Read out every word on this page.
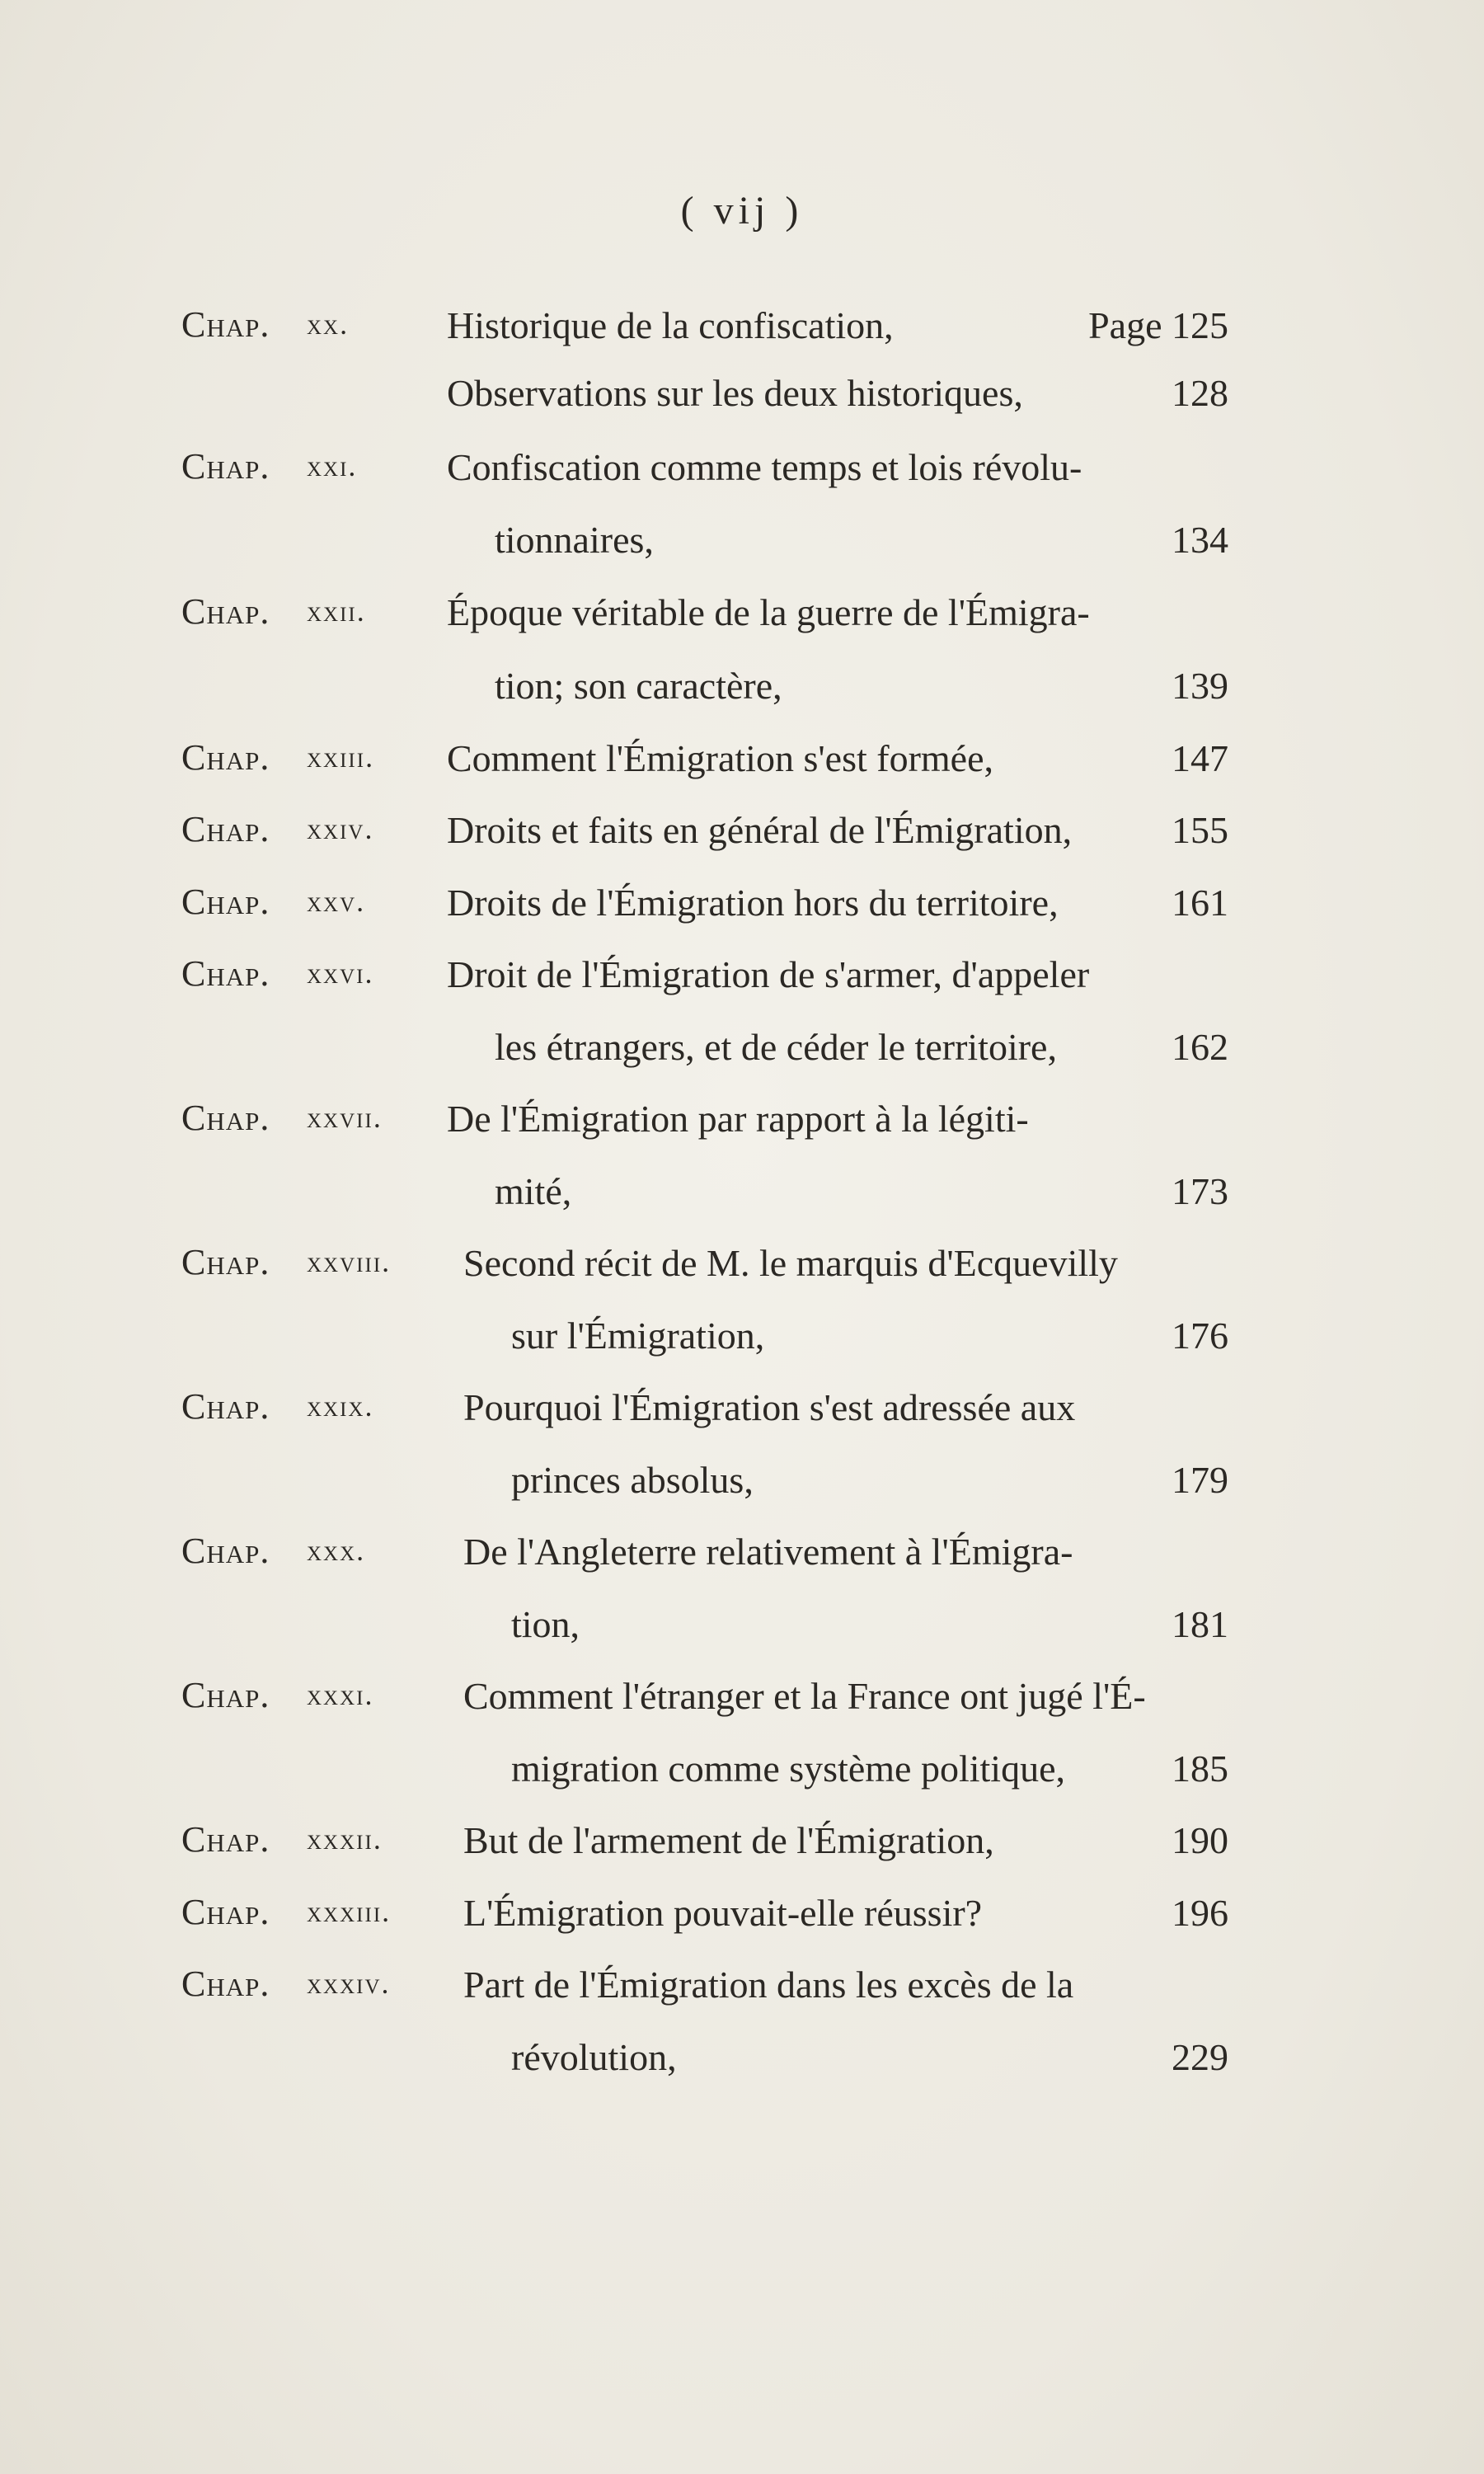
( vij )
Chap. xx.	Historique de la confiscation,	Page 125
Observations sur les deux historiques,	128
Chap. xxi. Confiscation comme temps et lois révolu-
tionnaires,	134
Chap. xxii. Époque véritable de la guerre de l'Émigra-
tion; son caractère,	139
Chap. xxiii. Comment l'Émigration s'est formée,	147
Chap. xxiv. Droits et faits en général de l'Émigration,	155
Chap. xxv. Droits de l'Émigration hors du territoire,	161
Chap. xxvi. Droit de l'Émigration de s'armer, d'appeler
les étrangers, et de céder le territoire,	162
Chap. xxvii. De l'Émigration par rapport à la légiti-
mité,	173
Chap. xxviii. Second récit de M. le marquis d'Ecquevilly
sur l'Émigration,	176
Chap. xxix. Pourquoi l'Émigration s'est adressée aux
princes absolus,	179
Chap. xxx.	De l'Angleterre relativement à l'Émigra-
tion,	181
Chap. xxxi. Comment l'étranger et la France ont jugé l'É-
migration comme système politique,	185
Chap. xxxii. But de l'armement de l'Émigration,	190
Chap. xxxiii. L'Émigration pouvait-elle réussir?	196
Chap. xxxiv. Part de l'Émigration dans les excès de la
révolution,	229
